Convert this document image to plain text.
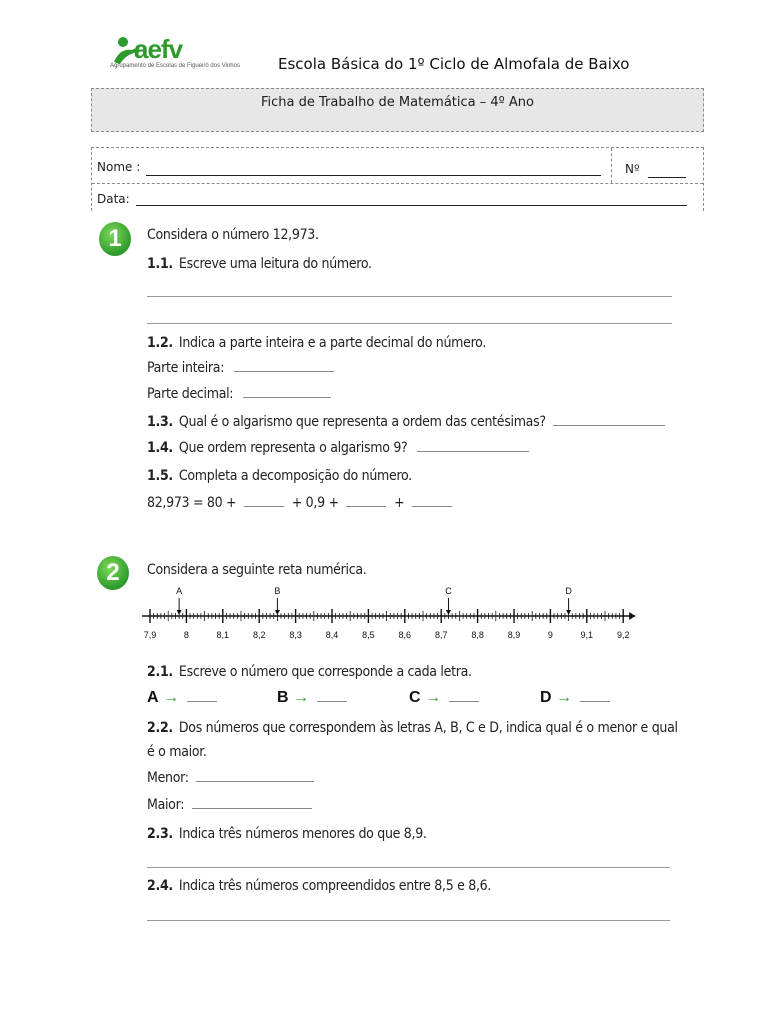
aefv
Agrupamento de Escolas de Figueiró dos Vinhos	Escola Básica do 1º Ciclo de Almofala de Baixo
Ficha de Trabalho de Matemática – 4º Ano
Nome :	Nº
Data:
1	Considera o número 12,973.
1.1. Escreve uma leitura do número.
1.2. Indica a parte inteira e a parte decimal do número.
Parte inteira:
Parte decimal:
1.3. Qual é o algarismo que representa a ordem das centésimas?
1.4. Que ordem representa o algarismo 9?
1.5. Completa a decomposição do número.
82,973 = 80 +	+ 0,9 +	+
2	Considera a seguinte reta numérica.
7,9	8	8,1	8,2	8,3	8,4	8,5	8,6	8,7	8,8	8,9	9	9,1	9,2
A	B	C	D
2.1. Escreve o número que corresponde a cada letra.
A →	B →	C →	D →
2.2. Dos números que correspondem às letras A, B, C e D, indica qual é o menor e qual
é o maior.
Menor:
Maior:
2.3. Indica três números menores do que 8,9.
2.4. Indica três números compreendidos entre 8,5 e 8,6.
